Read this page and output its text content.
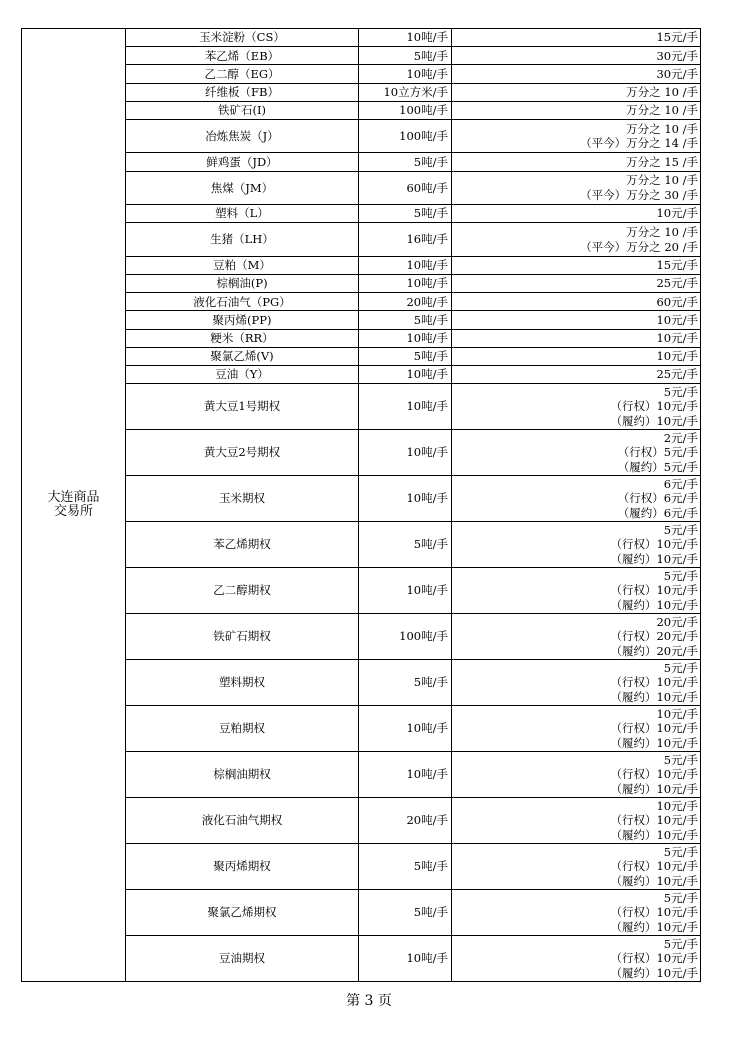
大连商品
交易所	玉米淀粉（CS）	10吨/手	15元/手

	苯乙烯（EB）	5吨/手	30元/手

	乙二醇（EG）	10吨/手	30元/手

	纤维板（FB）	10立方米/手	万分之 10 /手

	铁矿石(I)	100吨/手	万分之 10 /手

	冶炼焦炭（J）	100吨/手	万分之 10 /手
（平今）万分之 14 /手

	鲜鸡蛋（JD）	5吨/手	万分之 15 /手

	焦煤（JM）	60吨/手	万分之 10 /手
（平今）万分之 30 /手

	塑料（L）	5吨/手	10元/手

	生猪（LH）	16吨/手	万分之 10 /手
（平今）万分之 20 /手

	豆粕（M）	10吨/手	15元/手

	棕榈油(P)	10吨/手	25元/手

	液化石油气（PG）	20吨/手	60元/手

	聚丙烯(PP)	5吨/手	10元/手

	粳米（RR）	10吨/手	10元/手

	聚氯乙烯(V)	5吨/手	10元/手

	豆油（Y）	10吨/手	25元/手

	黄大豆1号期权	10吨/手	5元/手
（行权）10元/手
（履约）10元/手

	黄大豆2号期权	10吨/手	2元/手
（行权）5元/手
（履约）5元/手

	玉米期权	10吨/手	6元/手
（行权）6元/手
（履约）6元/手

	苯乙烯期权	5吨/手	5元/手
（行权）10元/手
（履约）10元/手

	乙二醇期权	10吨/手	5元/手
（行权）10元/手
（履约）10元/手

	铁矿石期权	100吨/手	20元/手
（行权）20元/手
（履约）20元/手

	塑料期权	5吨/手	5元/手
（行权）10元/手
（履约）10元/手

	豆粕期权	10吨/手	10元/手
（行权）10元/手
（履约）10元/手

	棕榈油期权	10吨/手	5元/手
（行权）10元/手
（履约）10元/手

	液化石油气期权	20吨/手	10元/手
（行权）10元/手
（履约）10元/手

	聚丙烯期权	5吨/手	5元/手
（行权）10元/手
（履约）10元/手

	聚氯乙烯期权	5吨/手	5元/手
（行权）10元/手
（履约）10元/手

	豆油期权	10吨/手	5元/手
（行权）10元/手
（履约）10元/手
第 3 页
